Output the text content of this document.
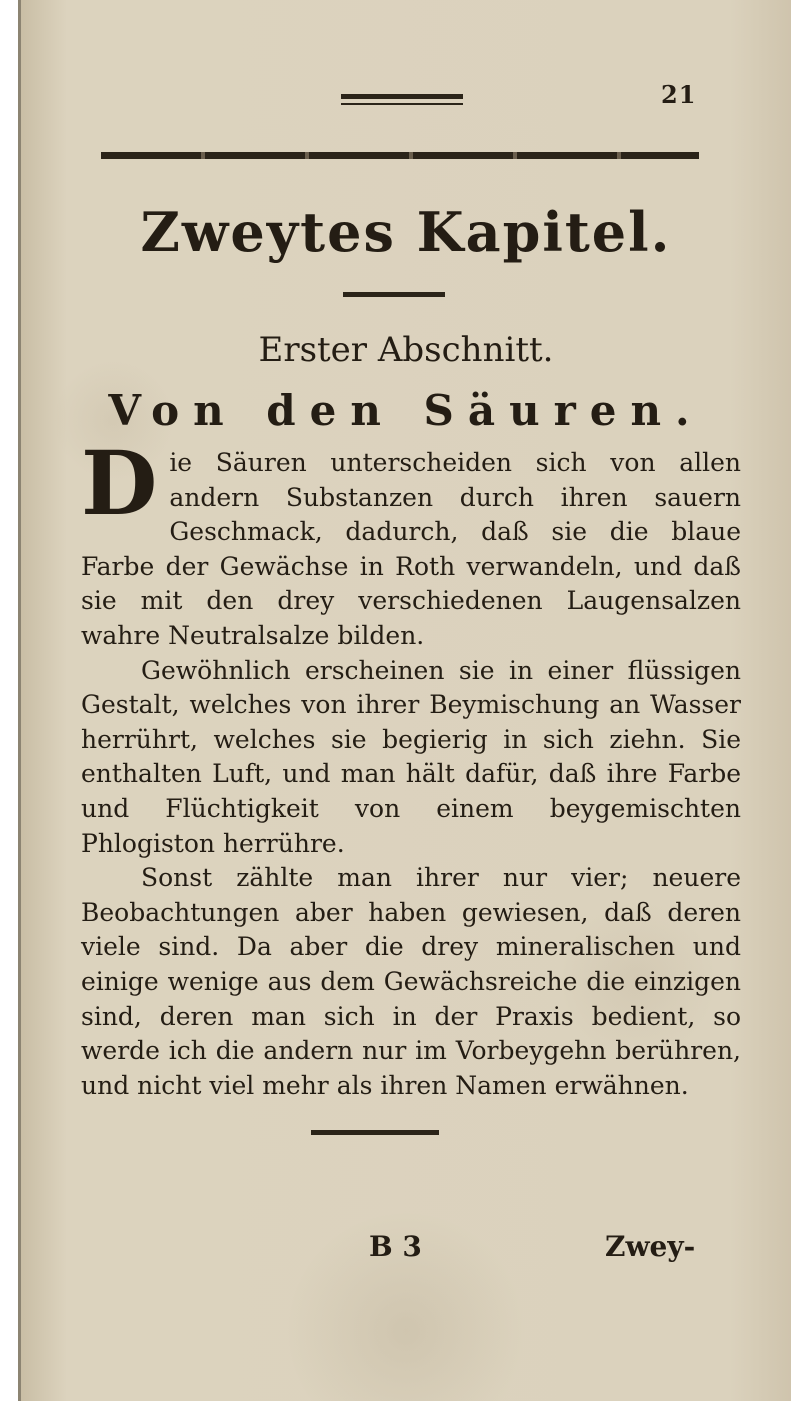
21
Zweytes Kapitel.
Erster Abschnitt.
Von den Säuren.

Die Säuren unterscheiden sich von allen andern Substanzen durch ihren sauern Geschmack, dadurch, daß sie die blaue Farbe der Gewächse in Roth verwandeln, und daß sie mit den drey verschiedenen Laugensalzen wahre Neutralsalze bilden.

Gewöhnlich erscheinen sie in einer flüssigen Gestalt, welches von ihrer Beymischung an Wasser herrührt, welches sie begierig in sich ziehn. Sie enthalten Luft, und man hält dafür, daß ihre Farbe und Flüchtigkeit von einem beygemischten Phlogiston herrühre.

Sonst zählte man ihrer nur vier; neuere Beobachtungen aber haben gewiesen, daß deren viele sind. Da aber die drey mineralischen und einige wenige aus dem Gewächsreiche die einzigen sind, deren man sich in der Praxis bedient, so werde ich die andern nur im Vorbeygehn berühren, und nicht viel mehr als ihren Namen erwähnen.

B 3	Zwey-
